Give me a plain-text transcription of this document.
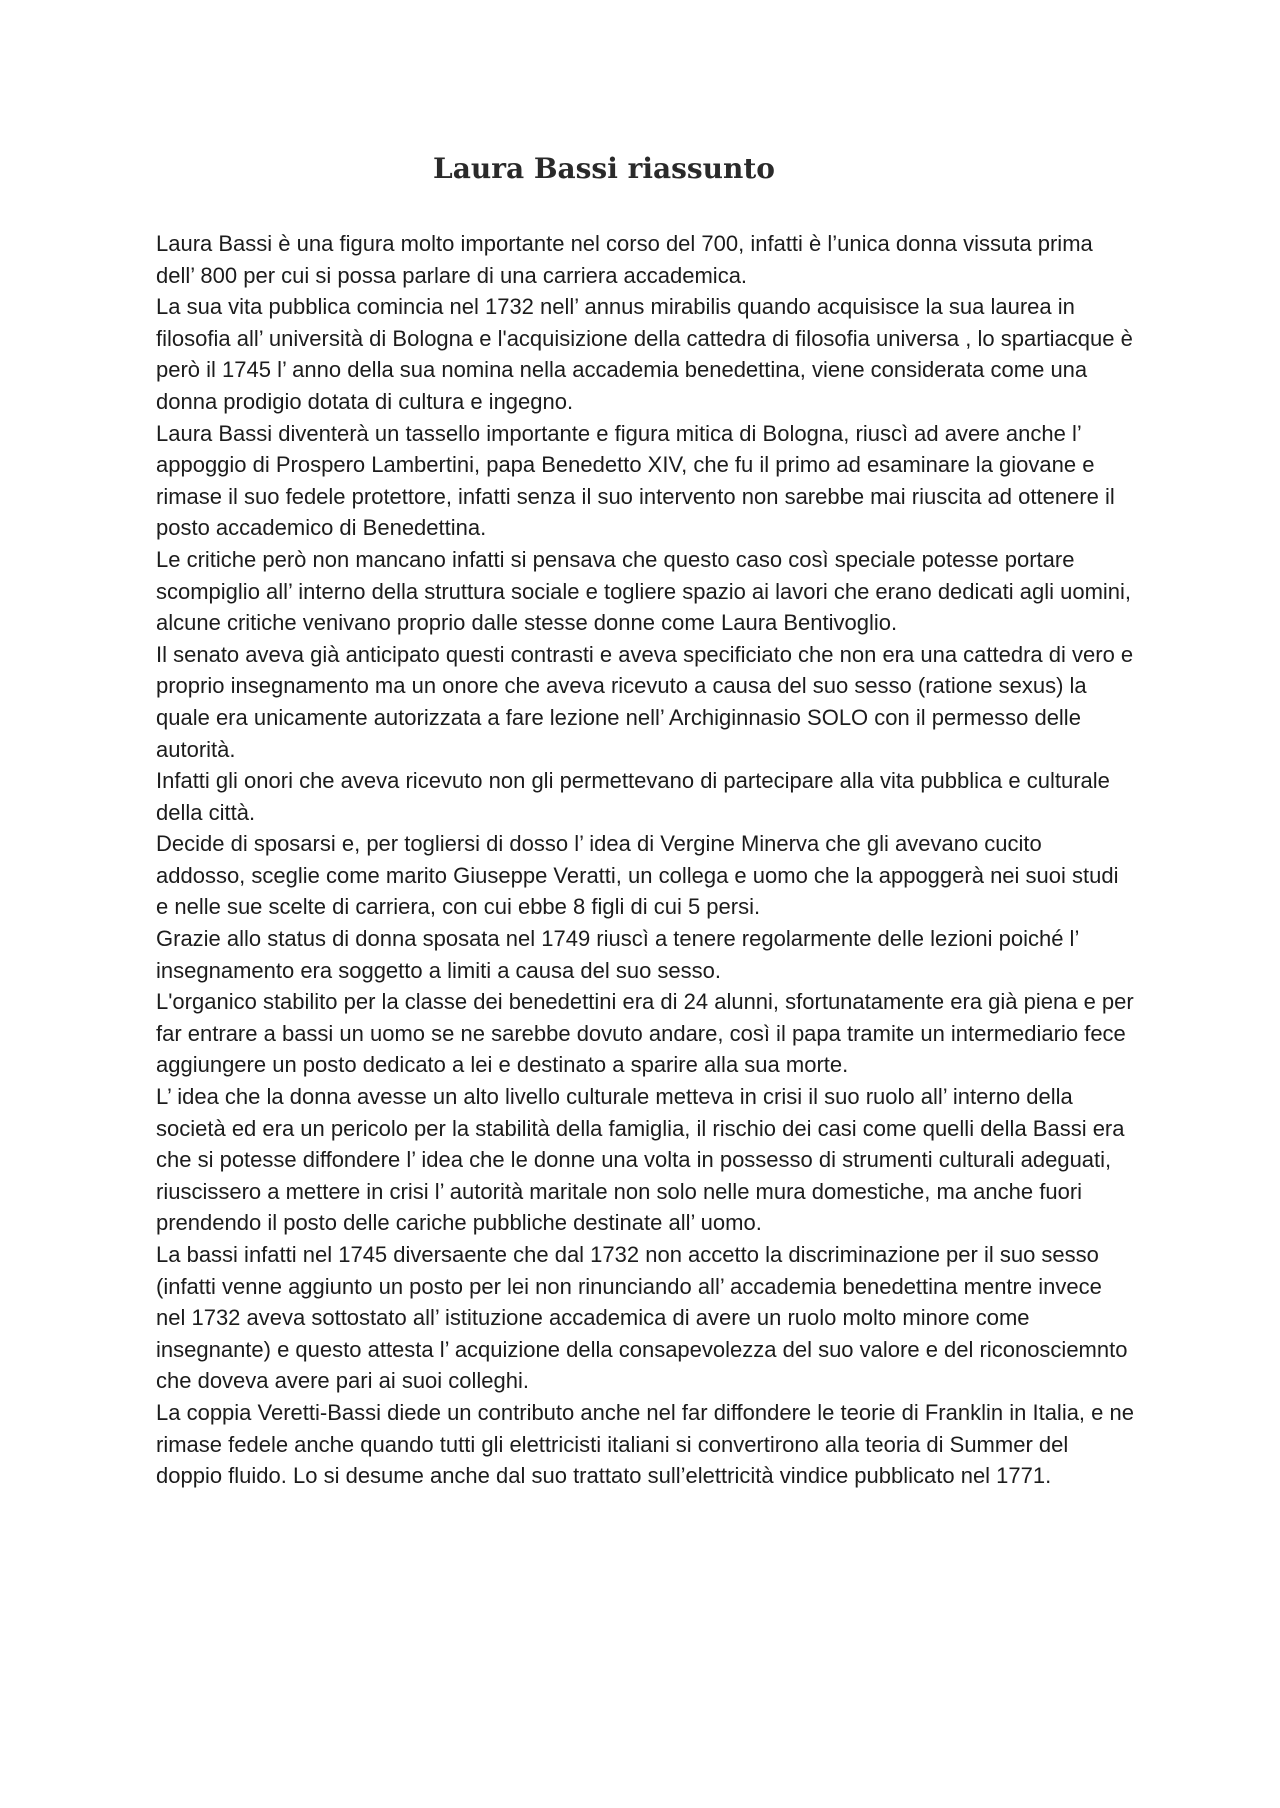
Laura Bassi riassunto

Laura Bassi è una figura molto importante nel corso del 700, infatti è l’unica donna vissuta prima dell’ 800 per cui si possa parlare di una carriera accademica.

La sua vita pubblica comincia nel 1732 nell’ annus mirabilis quando acquisisce la sua laurea in filosofia all’ università di Bologna e l'acquisizione della cattedra di filosofia universa , lo spartiacque è però il 1745 l’ anno della sua nomina nella accademia benedettina, viene considerata come una donna prodigio dotata di cultura e ingegno.

Laura Bassi diventerà un tassello importante e figura mitica di Bologna, riuscì ad avere anche l’ appoggio di Prospero Lambertini, papa Benedetto XIV, che fu il primo ad esaminare la giovane e rimase il suo fedele protettore, infatti senza il suo intervento non sarebbe mai riuscita ad ottenere il posto accademico di Benedettina.

Le critiche però non mancano infatti si pensava che questo caso così speciale potesse portare scompiglio all’ interno della struttura sociale e togliere spazio ai lavori che erano dedicati agli uomini, alcune critiche venivano proprio dalle stesse donne come Laura Bentivoglio.

Il senato aveva già anticipato questi contrasti e aveva specificiato che non era una cattedra di vero e proprio insegnamento ma un onore che aveva ricevuto a causa del suo sesso (ratione sexus) la quale era unicamente autorizzata a fare lezione nell’ Archiginnasio SOLO con il permesso delle autorità.

Infatti gli onori che aveva ricevuto non gli permettevano di partecipare alla vita pubblica e culturale della città.

Decide di sposarsi e, per togliersi di dosso l’ idea di Vergine Minerva che gli avevano cucito addosso, sceglie come marito Giuseppe Veratti, un collega e uomo che la appoggerà nei suoi studi e nelle sue scelte di carriera, con cui ebbe 8 figli di cui 5 persi.

Grazie allo status di donna sposata nel 1749 riuscì a tenere regolarmente delle lezioni poiché l’ insegnamento era soggetto a limiti a causa del suo sesso.

L'organico stabilito per la classe dei benedettini era di 24 alunni, sfortunatamente era già piena e per far entrare a bassi un uomo se ne sarebbe dovuto andare, così il papa tramite un intermediario fece aggiungere un posto dedicato a lei e destinato a sparire alla sua morte.

L’ idea che la donna avesse un alto livello culturale metteva in crisi il suo ruolo all’ interno della società ed era un pericolo per la stabilità della famiglia, il rischio dei casi come quelli della Bassi era che si potesse diffondere l’ idea che le donne una volta in possesso di strumenti culturali adeguati, riuscissero a mettere in crisi l’ autorità maritale non solo nelle mura domestiche, ma anche fuori prendendo il posto delle cariche pubbliche destinate all’ uomo.

La bassi infatti nel 1745 diversaente che dal 1732 non accetto la discriminazione per il suo sesso (infatti venne aggiunto un posto per lei non rinunciando all’ accademia benedettina mentre invece nel 1732 aveva sottostato all’ istituzione accademica di avere un ruolo molto minore come insegnante) e questo attesta l’ acquizione della consapevolezza del suo valore e del riconosciemnto che doveva avere pari ai suoi colleghi.

La coppia Veretti-Bassi diede un contributo anche nel far diffondere le teorie di Franklin in Italia, e ne rimase fedele anche quando tutti gli elettricisti italiani si convertirono alla teoria di Summer del doppio fluido. Lo si desume anche dal suo trattato sull’elettricità vindice pubblicato nel 1771.
